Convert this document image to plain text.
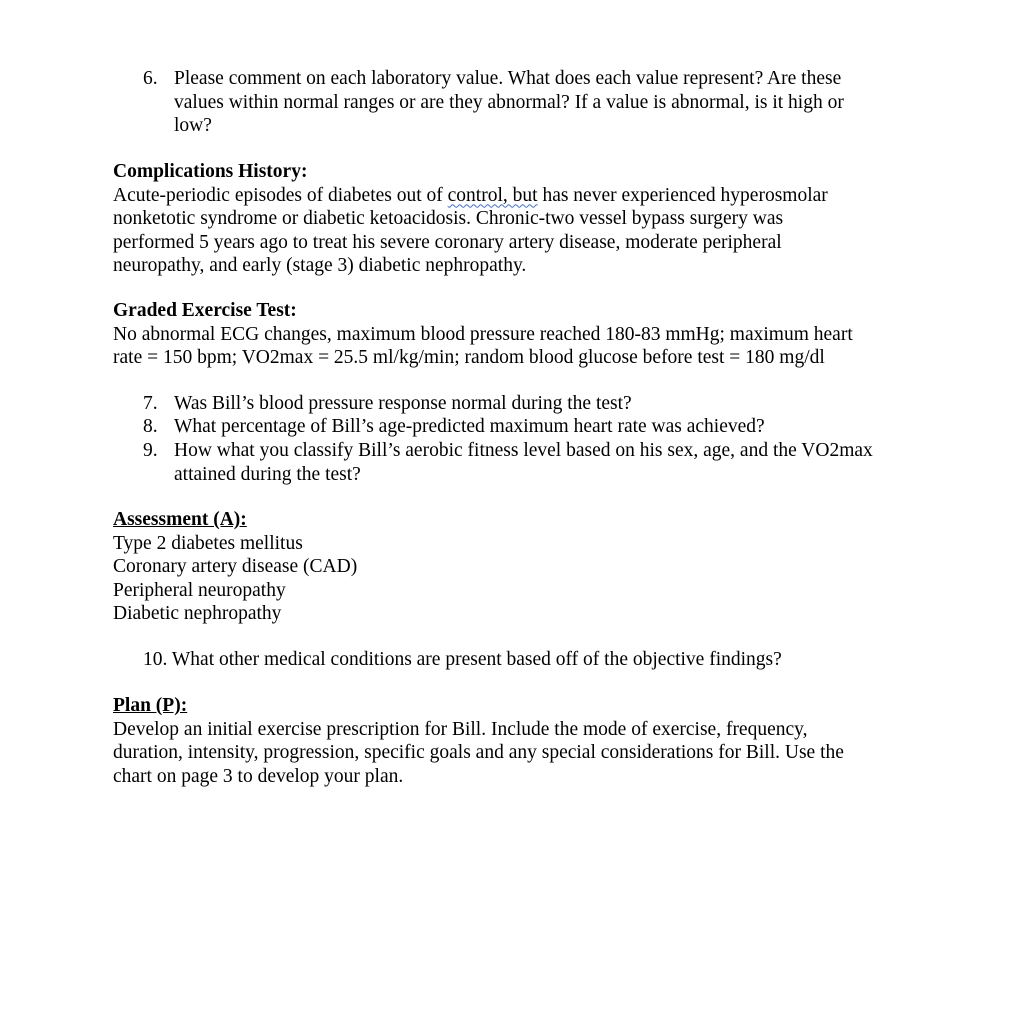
6. Please comment on each laboratory value. What does each value represent? Are these
values within normal ranges or are they abnormal? If a value is abnormal, is it high or
low?
Complications History:
Acute-periodic episodes of diabetes out of control, but has never experienced hyperosmolar
nonketotic syndrome or diabetic ketoacidosis. Chronic-two vessel bypass surgery was
performed 5 years ago to treat his severe coronary artery disease, moderate peripheral
neuropathy, and early (stage 3) diabetic nephropathy.
Graded Exercise Test:
No abnormal ECG changes, maximum blood pressure reached 180-83 mmHg; maximum heart
rate = 150 bpm; VO2max = 25.5 ml/kg/min; random blood glucose before test = 180 mg/dl
7. Was Bill’s blood pressure response normal during the test?
8. What percentage of Bill’s age-predicted maximum heart rate was achieved?
9. How what you classify Bill’s aerobic fitness level based on his sex, age, and the VO2max
attained during the test?
Assessment (A):
Type 2 diabetes mellitus
Coronary artery disease (CAD)
Peripheral neuropathy
Diabetic nephropathy
10. What other medical conditions are present based off of the objective findings?
Plan (P):
Develop an initial exercise prescription for Bill. Include the mode of exercise, frequency,
duration, intensity, progression, specific goals and any special considerations for Bill. Use the
chart on page 3 to develop your plan.
